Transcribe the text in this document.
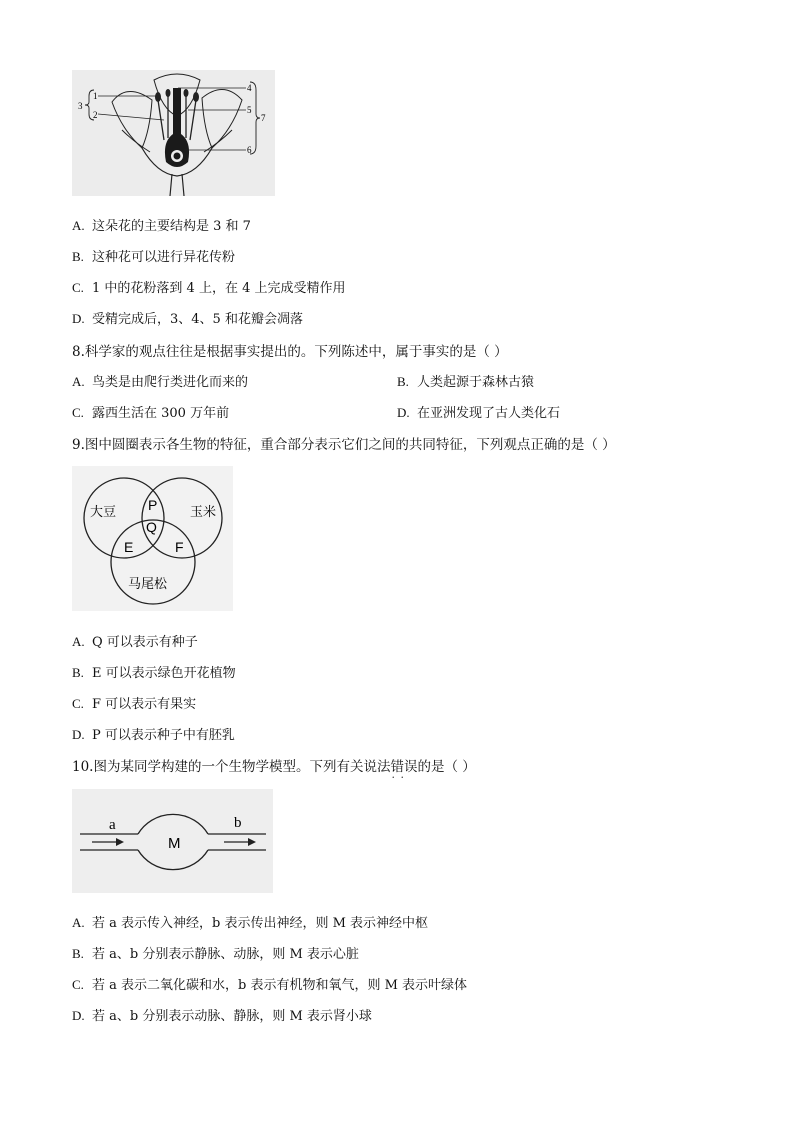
1
2
3
4
5
6
7
A. 这朵花的主要结构是 3 和 7
B. 这种花可以进行异花传粉
C. 1 中的花粉落到 4 上，在 4 上完成受精作用
D. 受精完成后，3、4、5 和花瓣会凋落
8.科学家的观点往往是根据事实提出的。下列陈述中，属于事实的是（ ）
A. 鸟类是由爬行类进化而来的	B. 人类起源于森林古猿
C. 露西生活在 300 万年前	D. 在亚洲发现了古人类化石
9.图中圆圈表示各生物的特征，重合部分表示它们之间的共同特征，下列观点正确的是（ ）
大豆	玉米
马尾松
P
Q
E	F
A. Q 可以表示有种子
B. E 可以表示绿色开花植物
C. F 可以表示有果实
D. P 可以表示种子中有胚乳
10.图为某同学构建的一个生物学模型。下列有关说法错误 · ·的是（ ）
a	b
M
A. 若 a 表示传入神经，b 表示传出神经，则 M 表示神经中枢
B. 若 a、b 分别表示静脉、动脉，则 M 表示心脏
C. 若 a 表示二氧化碳和水，b 表示有机物和氧气，则 M 表示叶绿体
D. 若 a、b 分别表示动脉、静脉，则 M 表示肾小球
